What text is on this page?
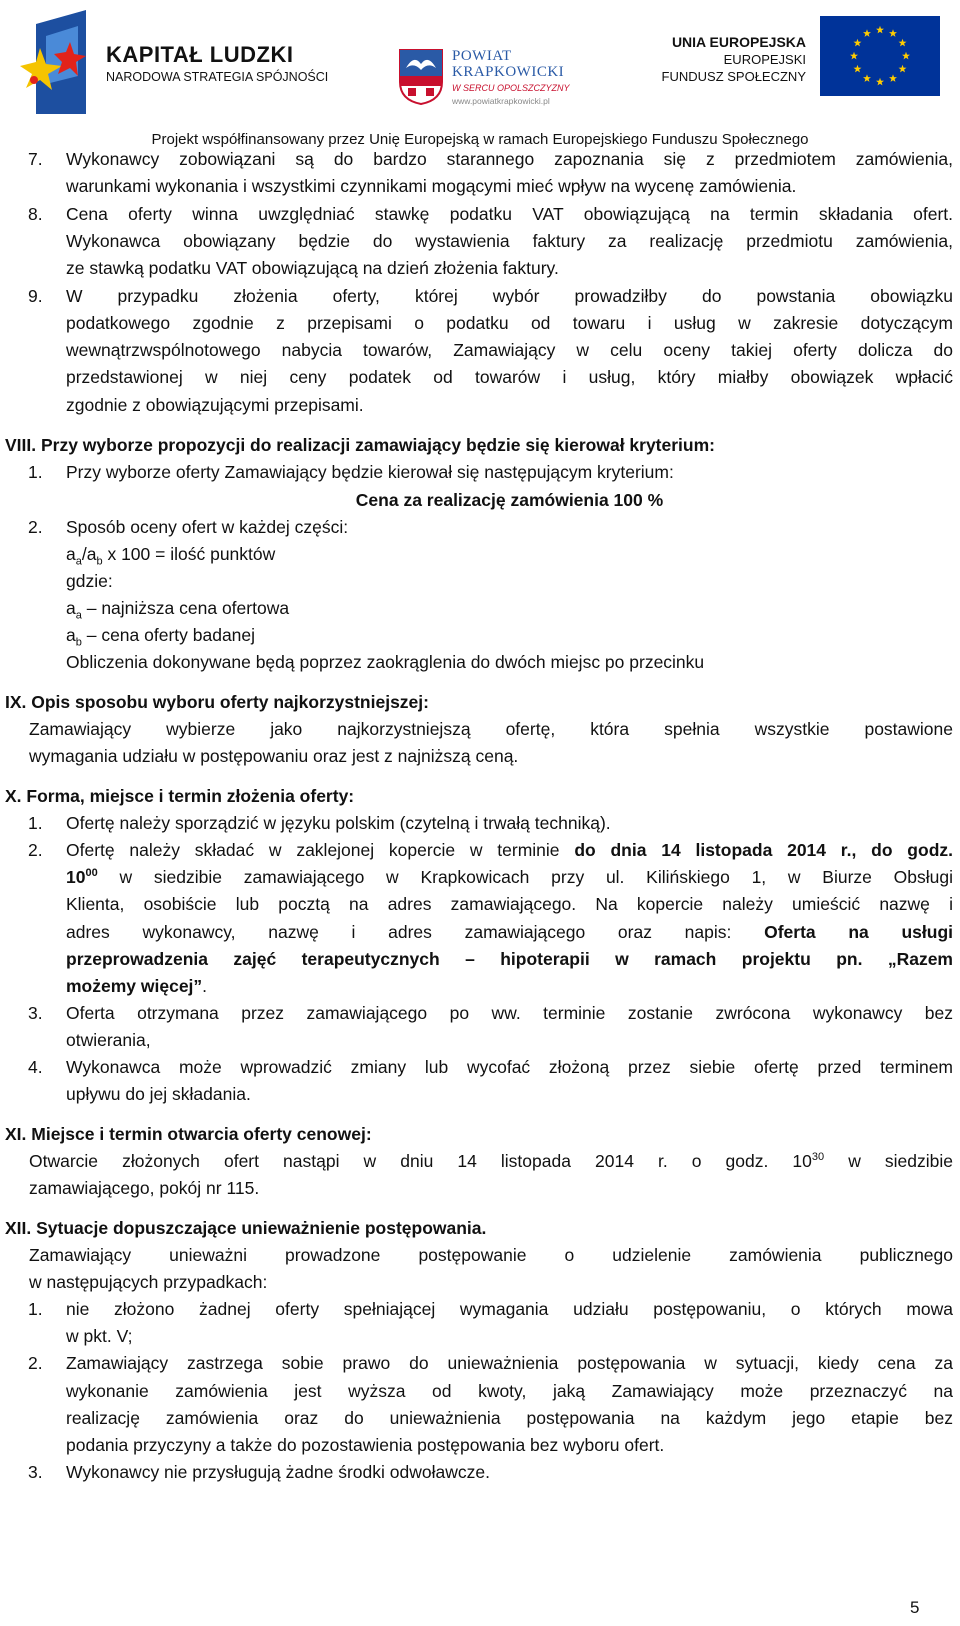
KAPITAŁ LUDZKI
NARODOWA STRATEGIA SPÓJNOŚCI
POWIAT
KRAPKOWICKI
W SERCU OPOLSZCZYZNY
www.powiatkrapkowicki.pl
UNIA EUROPEJSKA
EUROPEJSKI
FUNDUSZ SPOŁECZNY
Projekt współfinansowany przez Unię Europejską w ramach Europejskiego Funduszu Społecznego
7. Wykonawcy zobowiązani są do bardzo starannego zapoznania się z przedmiotem zamówienia,
warunkami wykonania i wszystkimi czynnikami mogącymi mieć wpływ na wycenę zamówienia.
8. Cena oferty winna uwzględniać stawkę podatku VAT obowiązującą na termin składania ofert.
Wykonawca obowiązany będzie do wystawienia faktury za realizację przedmiotu zamówienia,
ze stawką podatku VAT obowiązującą na dzień złożenia faktury.
9. W przypadku złożenia oferty, której wybór prowadziłby do powstania obowiązku
podatkowego zgodnie z przepisami o podatku od towaru i usług w zakresie dotyczącym
wewnątrzwspólnotowego nabycia towarów, Zamawiający w celu oceny takiej oferty dolicza do
przedstawionej w niej ceny podatek od towarów i usług, który miałby obowiązek wpłacić
zgodnie z obowiązującymi przepisami.
VIII. Przy wyborze propozycji do realizacji zamawiający będzie się kierował kryterium:
1. Przy wyborze oferty Zamawiający będzie kierował się następującym kryterium:
Cena za realizację zamówienia 100 %
2. Sposób oceny ofert w każdej części:
$a_a/a_b$ x 100 = ilość punktów
gdzie:
$a_a$ – najniższa cena ofertowa
$a_b$ – cena oferty badanej
Obliczenia dokonywane będą poprzez zaokrąglenia do dwóch miejsc po przecinku
IX. Opis sposobu wyboru oferty najkorzystniejszej:
Zamawiający wybierze jako najkorzystniejszą ofertę, która spełnia wszystkie postawione
wymagania udziału w postępowaniu oraz jest z najniższą ceną.
X. Forma, miejsce i termin złożenia oferty:
1. Ofertę należy sporządzić w języku polskim (czytelną i trwałą techniką).
2. Ofertę należy składać w zaklejonej kopercie w terminie do dnia 14 listopada 2014 r., do godz.
$10^{00}$ w siedzibie zamawiającego w Krapkowicach przy ul. Kilińskiego 1, w Biurze Obsługi
Klienta, osobiście lub pocztą na adres zamawiającego. Na kopercie należy umieścić nazwę i
adres wykonawcy, nazwę i adres zamawiającego oraz napis: Oferta na usługi
przeprowadzenia zajęć terapeutycznych – hipoterapii w ramach projektu pn. „Razem
możemy więcej”.
3. Oferta otrzymana przez zamawiającego po ww. terminie zostanie zwrócona wykonawcy bez
otwierania,
4. Wykonawca może wprowadzić zmiany lub wycofać złożoną przez siebie ofertę przed terminem
upływu do jej składania.
XI. Miejsce i termin otwarcia oferty cenowej:
Otwarcie złożonych ofert nastąpi w dniu 14 listopada 2014 r. o godz. $10^{30}$ w siedzibie
zamawiającego, pokój nr 115.
XII. Sytuacje dopuszczające unieważnienie postępowania.
Zamawiający unieważni prowadzone postępowanie o udzielenie zamówienia publicznego
w następujących przypadkach:
1. nie złożono żadnej oferty spełniającej wymagania udziału postępowaniu, o których mowa
w pkt. V;
2. Zamawiający zastrzega sobie prawo do unieważnienia postępowania w sytuacji, kiedy cena za
wykonanie zamówienia jest wyższa od kwoty, jaką Zamawiający może przeznaczyć na
realizację zamówienia oraz do unieważnienia postępowania na każdym jego etapie bez
podania przyczyny a także do pozostawienia postępowania bez wyboru ofert.
3. Wykonawcy nie przysługują żadne środki odwoławcze.
5
